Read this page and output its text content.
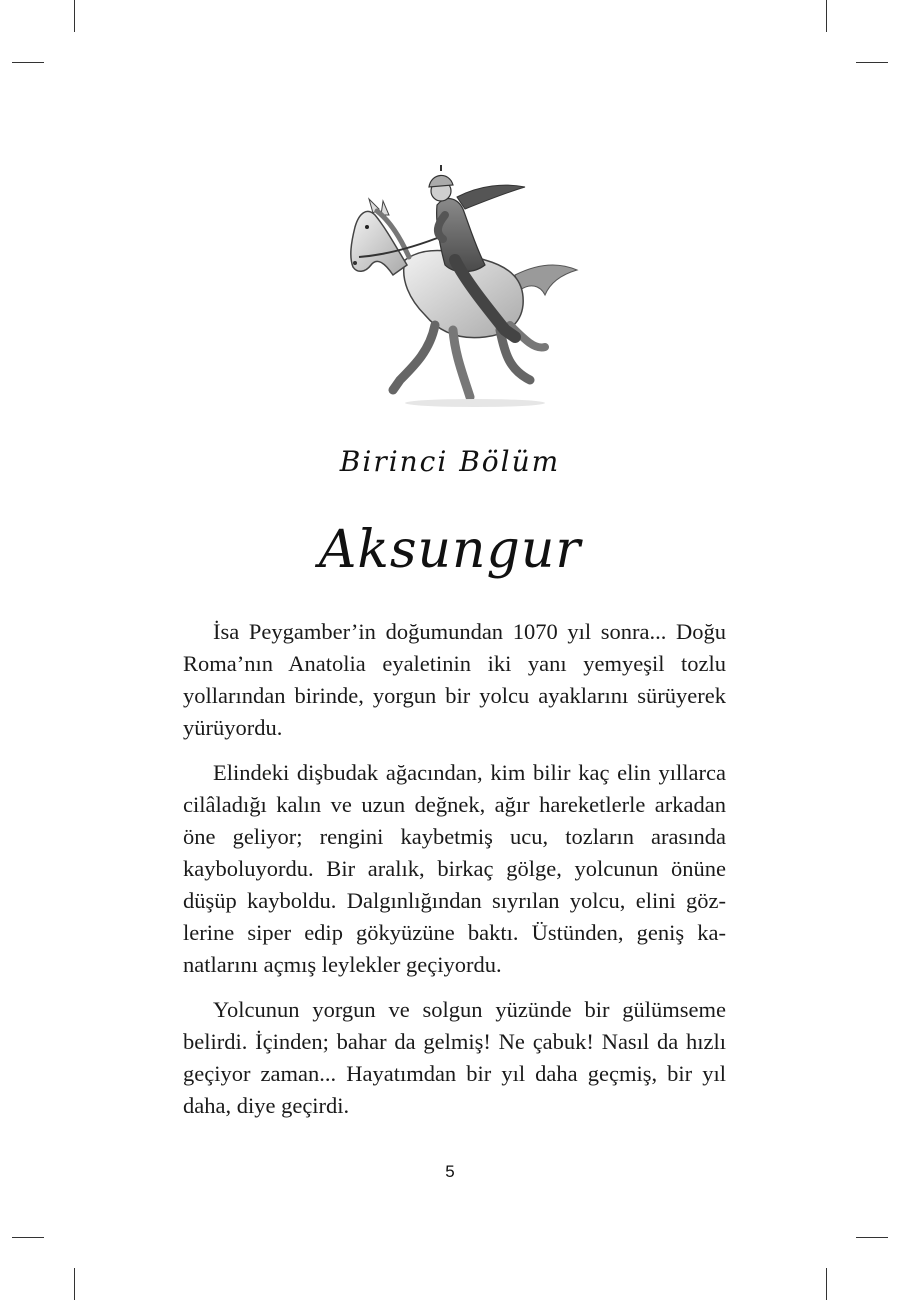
Birinci Bölüm
Aksungur

İsa Peygamber’in doğumundan 1070 yıl sonra... Doğu Roma’nın Anatolia eyaletinin iki yanı yemyeşil tozlu yollarından birinde, yorgun bir yolcu ayaklarını sürüyerek yürüyordu.

Elindeki dişbudak ağacından, kim bilir kaç elin yıllarca cilâladığı kalın ve uzun değnek, ağır hareketlerle arkadan öne geliyor; rengini kaybetmiş ucu, tozların arasında kayboluyordu. Bir aralık, birkaç gölge, yolcunun önüne düşüp kayboldu. Dalgınlığından sıyrılan yolcu, elini gözlerine siper edip gökyüzüne baktı. Üstünden, geniş kanatlarını açmış leylekler geçiyordu.

Yolcunun yorgun ve solgun yüzünde bir gülümseme belirdi. İçinden; bahar da gelmiş! Ne çabuk! Nasıl da hızlı geçiyor zaman... Hayatımdan bir yıl daha geçmiş, bir yıl daha, diye geçirdi.

5
